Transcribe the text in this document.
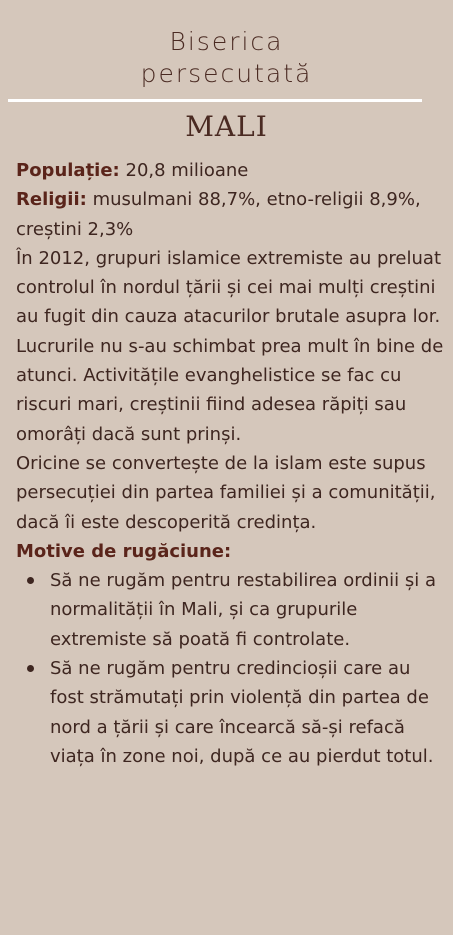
Biserica
persecutată
MALI

Populație: 20,8 milioane

Religii: musulmani 88,7%, etno-religii 8,9%, creștini 2,3%

În 2012, grupuri islamice extremiste au preluat controlul în nordul țării și cei mai mulți creștini au fugit din cauza atacurilor brutale asupra lor. Lucrurile nu s-au schimbat prea mult în bine de atunci. Activitățile evanghelistice se fac cu riscuri mari, creștinii fiind adesea răpiți sau omorâți dacă sunt prinși.

Oricine se convertește de la islam este supus persecuției din partea familiei și a comunității, dacă îi este descoperită credința.

Motive de rugăciune:

Să ne rugăm pentru restabilirea ordinii și a normalității în Mali, și ca grupurile extremiste să poată fi controlate.
Să ne rugăm pentru credincioșii care au fost strămutați prin violență din partea de nord a țării și care încearcă să-și refacă viața în zone noi, după ce au pierdut totul.
